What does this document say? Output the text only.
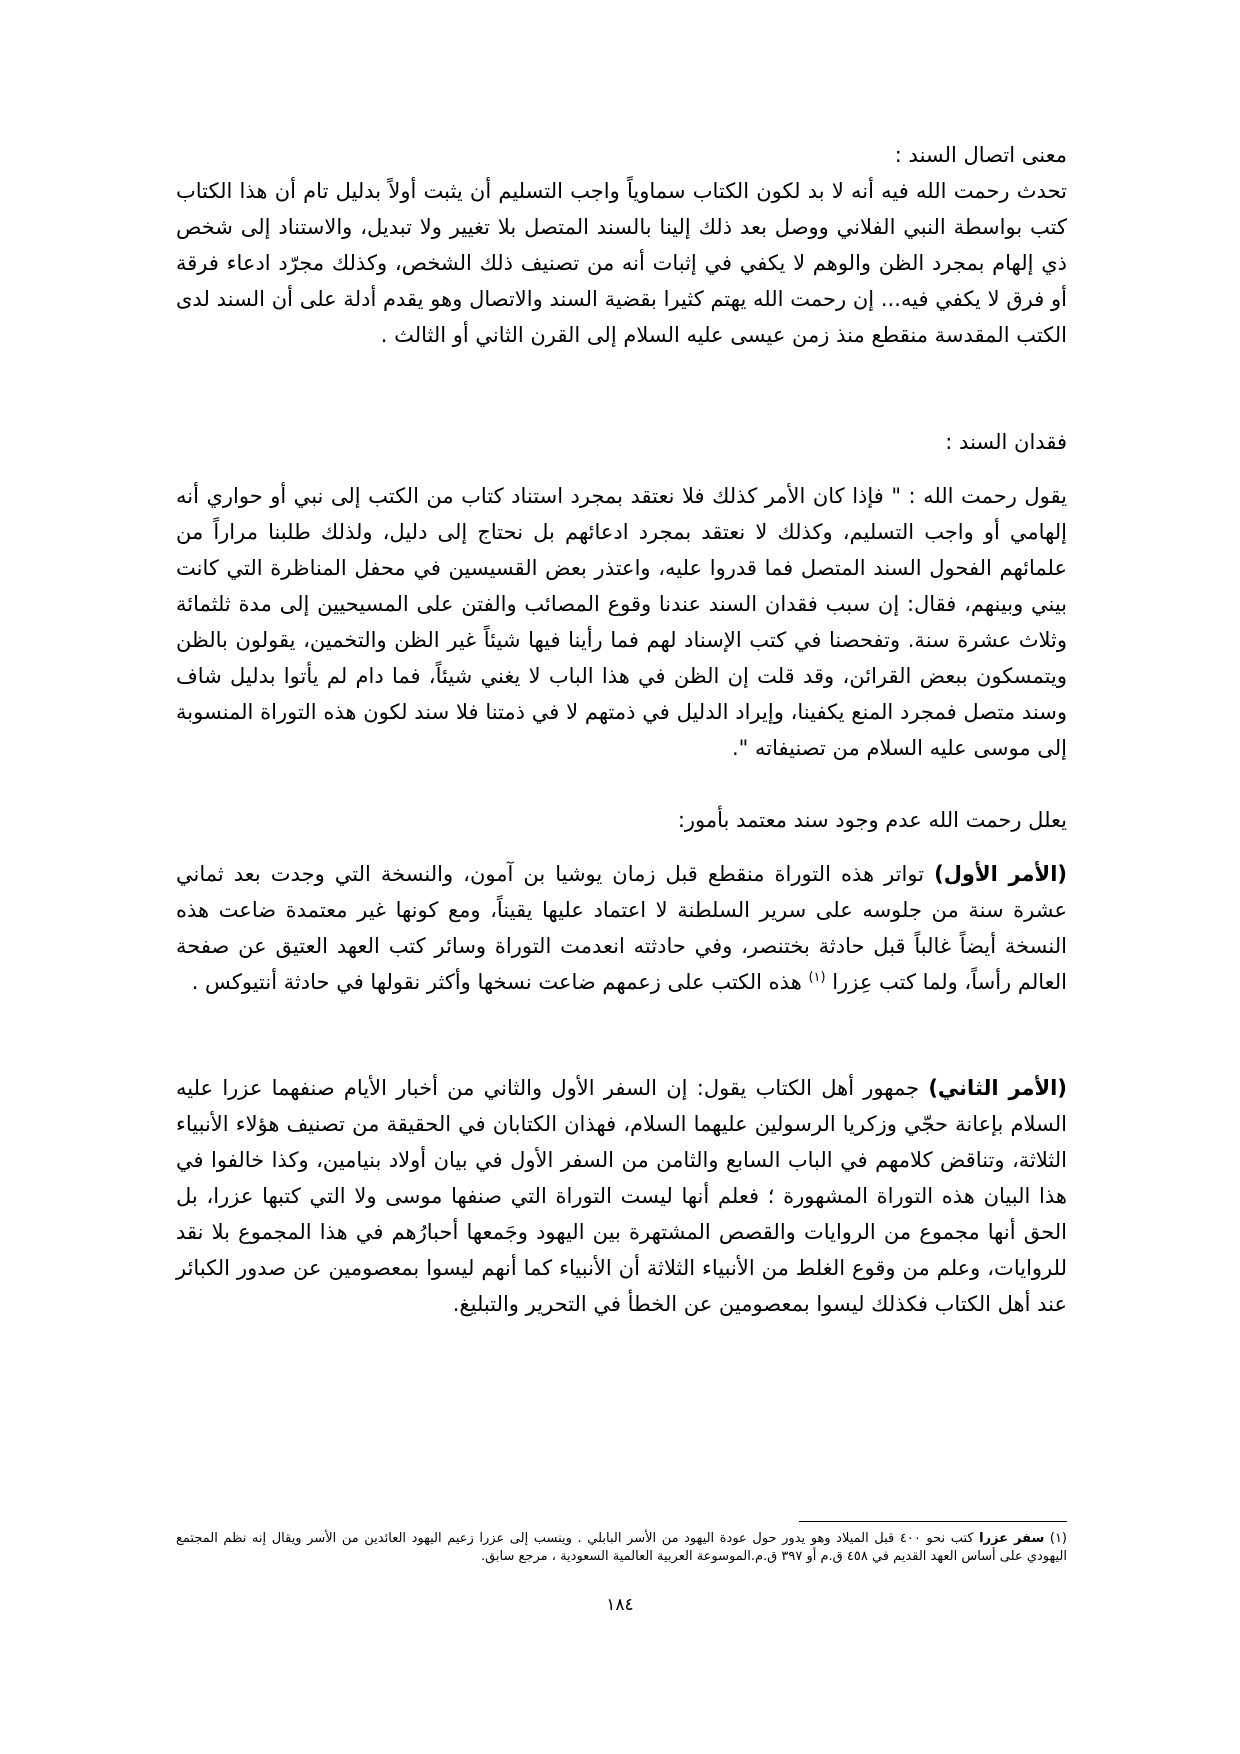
معنى اتصال السند :
تحدث رحمت الله فيه أنه لا بد لكون الكتاب سماوياً واجب التسليم أن يثبت أولاً بدليل تام أن هذا الكتاب كتب بواسطة النبي الفلاني ووصل بعد ذلك إلينا بالسند المتصل بلا تغيير ولا تبديل، والاستناد إلى شخص ذي إلهام بمجرد الظن والوهم لا يكفي في إثبات أنه من تصنيف ذلك الشخص، وكذلك مجرّد ادعاء فرقة أو فرق لا يكفي فيه... إن رحمت الله يهتم كثيرا بقضية السند والاتصال وهو يقدم أدلة على أن السند لدى الكتب المقدسة منقطع منذ زمن عيسى عليه السلام إلى القرن الثاني أو الثالث .
فقدان السند :
يقول رحمت الله : " فإذا كان الأمر كذلك فلا نعتقد بمجرد استناد كتاب من الكتب إلى نبي أو حواري أنه إلهامي أو واجب التسليم، وكذلك لا نعتقد بمجرد ادعائهم بل نحتاج إلى دليل، ولذلك طلبنا مراراً من علمائهم الفحول السند المتصل فما قدروا عليه، واعتذر بعض القسيسين في محفل المناظرة التي كانت بيني وبينهم، فقال: إن سبب فقدان السند عندنا وقوع المصائب والفتن على المسيحيين إلى مدة ثلثمائة وثلاث عشرة سنة. وتفحصنا في كتب الإسناد لهم فما رأينا فيها شيئاً غير الظن والتخمين، يقولون بالظن ويتمسكون ببعض القرائن، وقد قلت إن الظن في هذا الباب لا يغني شيئاً، فما دام لم يأتوا بدليل شاف وسند متصل فمجرد المنع يكفينا، وإيراد الدليل في ذمتهم لا في ذمتنا فلا سند لكون هذه التوراة المنسوبة إلى موسى عليه السلام من تصنيفاته ".
يعلل رحمت الله عدم وجود سند معتمد بأمور:
(الأمر الأول) تواتر هذه التوراة منقطع قبل زمان يوشيا بن آمون، والنسخة التي وجدت بعد ثماني عشرة سنة من جلوسه على سرير السلطنة لا اعتماد عليها يقيناً، ومع كونها غير معتمدة ضاعت هذه النسخة أيضاً غالباً قبل حادثة بختنصر، وفي حادثته انعدمت التوراة وسائر كتب العهد العتيق عن صفحة العالم رأساً، ولما كتب عِزرا $^{(١)}$ هذه الكتب على زعمهم ضاعت نسخها وأكثر نقولها في حادثة أنتيوكس .
(الأمر الثاني) جمهور أهل الكتاب يقول: إن السفر الأول والثاني من أخبار الأيام صنفهما عزرا عليه السلام بإعانة حجّي وزكريا الرسولين عليهما السلام، فهذان الكتابان في الحقيقة من تصنيف هؤلاء الأنبياء الثلاثة، وتناقض كلامهم في الباب السابع والثامن من السفر الأول في بيان أولاد بنيامين، وكذا خالفوا في هذا البيان هذه التوراة المشهورة ؛ فعلم أنها ليست التوراة التي صنفها موسى ولا التي كتبها عزرا، بل الحق أنها مجموع من الروايات والقصص المشتهرة بين اليهود وجَمعها أحبارُهم في هذا المجموع بلا نقد للروايات، وعلم من وقوع الغلط من الأنبياء الثلاثة أن الأنبياء كما أنهم ليسوا بمعصومين عن صدور الكبائر عند أهل الكتاب فكذلك ليسوا بمعصومين عن الخطأ في التحرير والتبليغ.
(١) سفر عزرا كتب نحو ٤٠٠ قبل الميلاد وهو يدور حول عودة اليهود من الأسر البابلي . وينسب إلى عزرا زعيم اليهود العائدين من الأسر ويقال إنه نظم المجتمع اليهودي على أساس العهد القديم في ٤٥٨ ق.م أو ٣٩٧ ق.م.الموسوعة العربية العالمية السعودية ، مرجع سابق.
١٨٤
